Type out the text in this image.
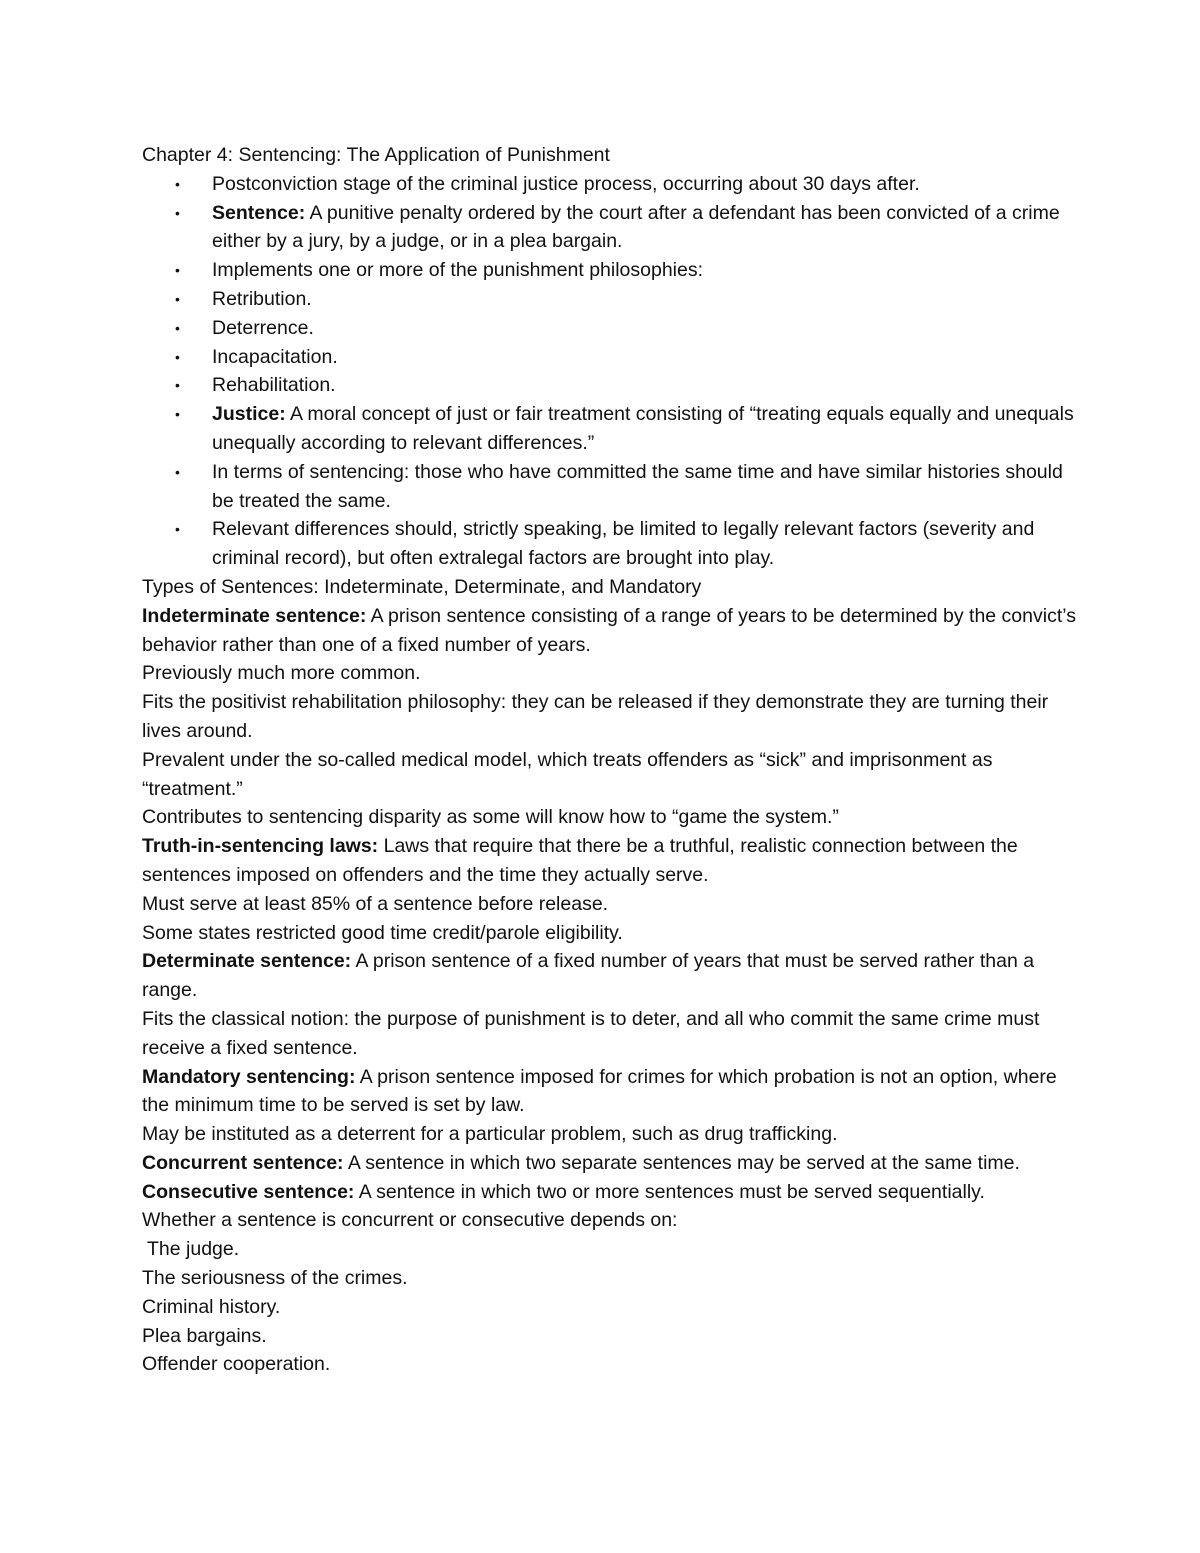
Chapter 4: Sentencing: The Application of Punishment

• Postconviction stage of the criminal justice process, occurring about 30 days after.
• Sentence: A punitive penalty ordered by the court after a defendant has been convicted of a crime either by a jury, by a judge, or in a plea bargain.
• Implements one or more of the punishment philosophies:
• Retribution.
• Deterrence.
• Incapacitation.
• Rehabilitation.
• Justice: A moral concept of just or fair treatment consisting of “treating equals equally and unequals unequally according to relevant differences.”
• In terms of sentencing: those who have committed the same time and have similar histories should be treated the same.
• Relevant differences should, strictly speaking, be limited to legally relevant factors (severity and criminal record), but often extralegal factors are brought into play.

Types of Sentences: Indeterminate, Determinate, and Mandatory

Indeterminate sentence: A prison sentence consisting of a range of years to be determined by the convict’s behavior rather than one of a fixed number of years.

Previously much more common.

Fits the positivist rehabilitation philosophy: they can be released if they demonstrate they are turning their lives around.

Prevalent under the so-called medical model, which treats offenders as “sick” and imprisonment as “treatment.”

Contributes to sentencing disparity as some will know how to “game the system.”

Truth-in-sentencing laws: Laws that require that there be a truthful, realistic connection between the sentences imposed on offenders and the time they actually serve.

Must serve at least 85% of a sentence before release.

Some states restricted good time credit/parole eligibility.

Determinate sentence: A prison sentence of a fixed number of years that must be served rather than a range.

Fits the classical notion: the purpose of punishment is to deter, and all who commit the same crime must receive a fixed sentence.

Mandatory sentencing: A prison sentence imposed for crimes for which probation is not an option, where the minimum time to be served is set by law.

May be instituted as a deterrent for a particular problem, such as drug trafficking.

Concurrent sentence: A sentence in which two separate sentences may be served at the same time.

Consecutive sentence: A sentence in which two or more sentences must be served sequentially.

Whether a sentence is concurrent or consecutive depends on:

The judge.

The seriousness of the crimes.

Criminal history.

Plea bargains.

Offender cooperation.
